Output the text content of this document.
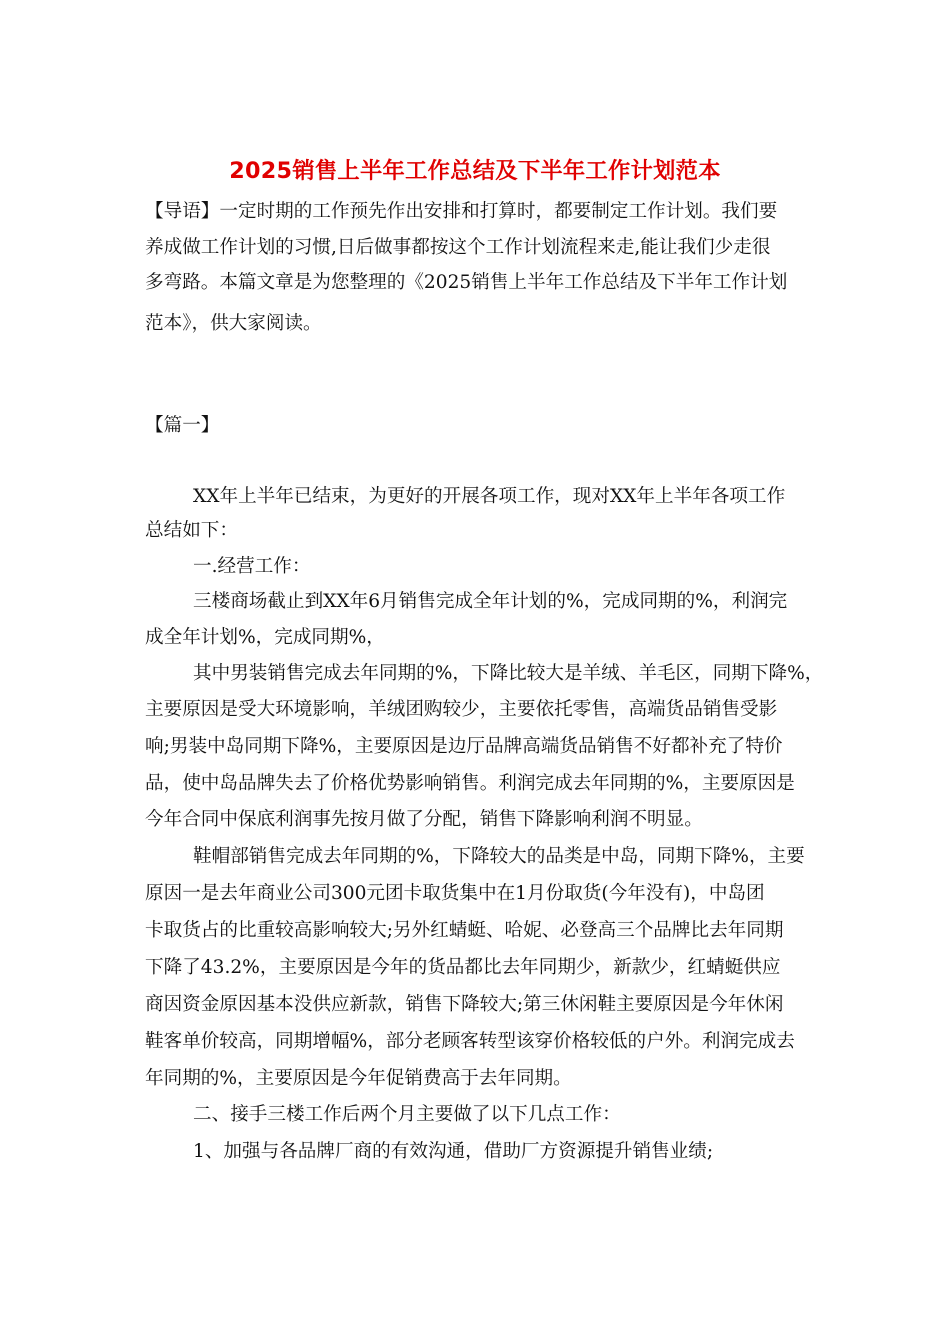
2025销售上半年工作总结及下半年工作计划范本
【导语】一定时期的工作预先作出安排和打算时，都要制定工作计划。我们要
养成做工作计划的习惯,日后做事都按这个工作计划流程来走,能让我们少走很
多弯路。本篇文章是为您整理的《2025销售上半年工作总结及下半年工作计划
范本》，供大家阅读。
【篇一】
XX年上半年已结束，为更好的开展各项工作，现对XX年上半年各项工作
总结如下：
一.经营工作：
三楼商场截止到XX年6月销售完成全年计划的%，完成同期的%，利润完
成全年计划%，完成同期%，
其中男装销售完成去年同期的%，下降比较大是羊绒、羊毛区，同期下降%，
主要原因是受大环境影响，羊绒团购较少，主要依托零售，高端货品销售受影
响;男装中岛同期下降%，主要原因是边厅品牌高端货品销售不好都补充了特价
品，使中岛品牌失去了价格优势影响销售。利润完成去年同期的%，主要原因是
今年合同中保底利润事先按月做了分配，销售下降影响利润不明显。
鞋帽部销售完成去年同期的%，下降较大的品类是中岛，同期下降%，主要
原因一是去年商业公司300元团卡取货集中在1月份取货(今年没有)，中岛团
卡取货占的比重较高影响较大;另外红蜻蜓、哈妮、必登高三个品牌比去年同期
下降了43.2%，主要原因是今年的货品都比去年同期少，新款少，红蜻蜓供应
商因资金原因基本没供应新款，销售下降较大;第三休闲鞋主要原因是今年休闲
鞋客单价较高，同期增幅%，部分老顾客转型该穿价格较低的户外。利润完成去
年同期的%，主要原因是今年促销费高于去年同期。
二、接手三楼工作后两个月主要做了以下几点工作：
1、加强与各品牌厂商的有效沟通，借助厂方资源提升销售业绩;
